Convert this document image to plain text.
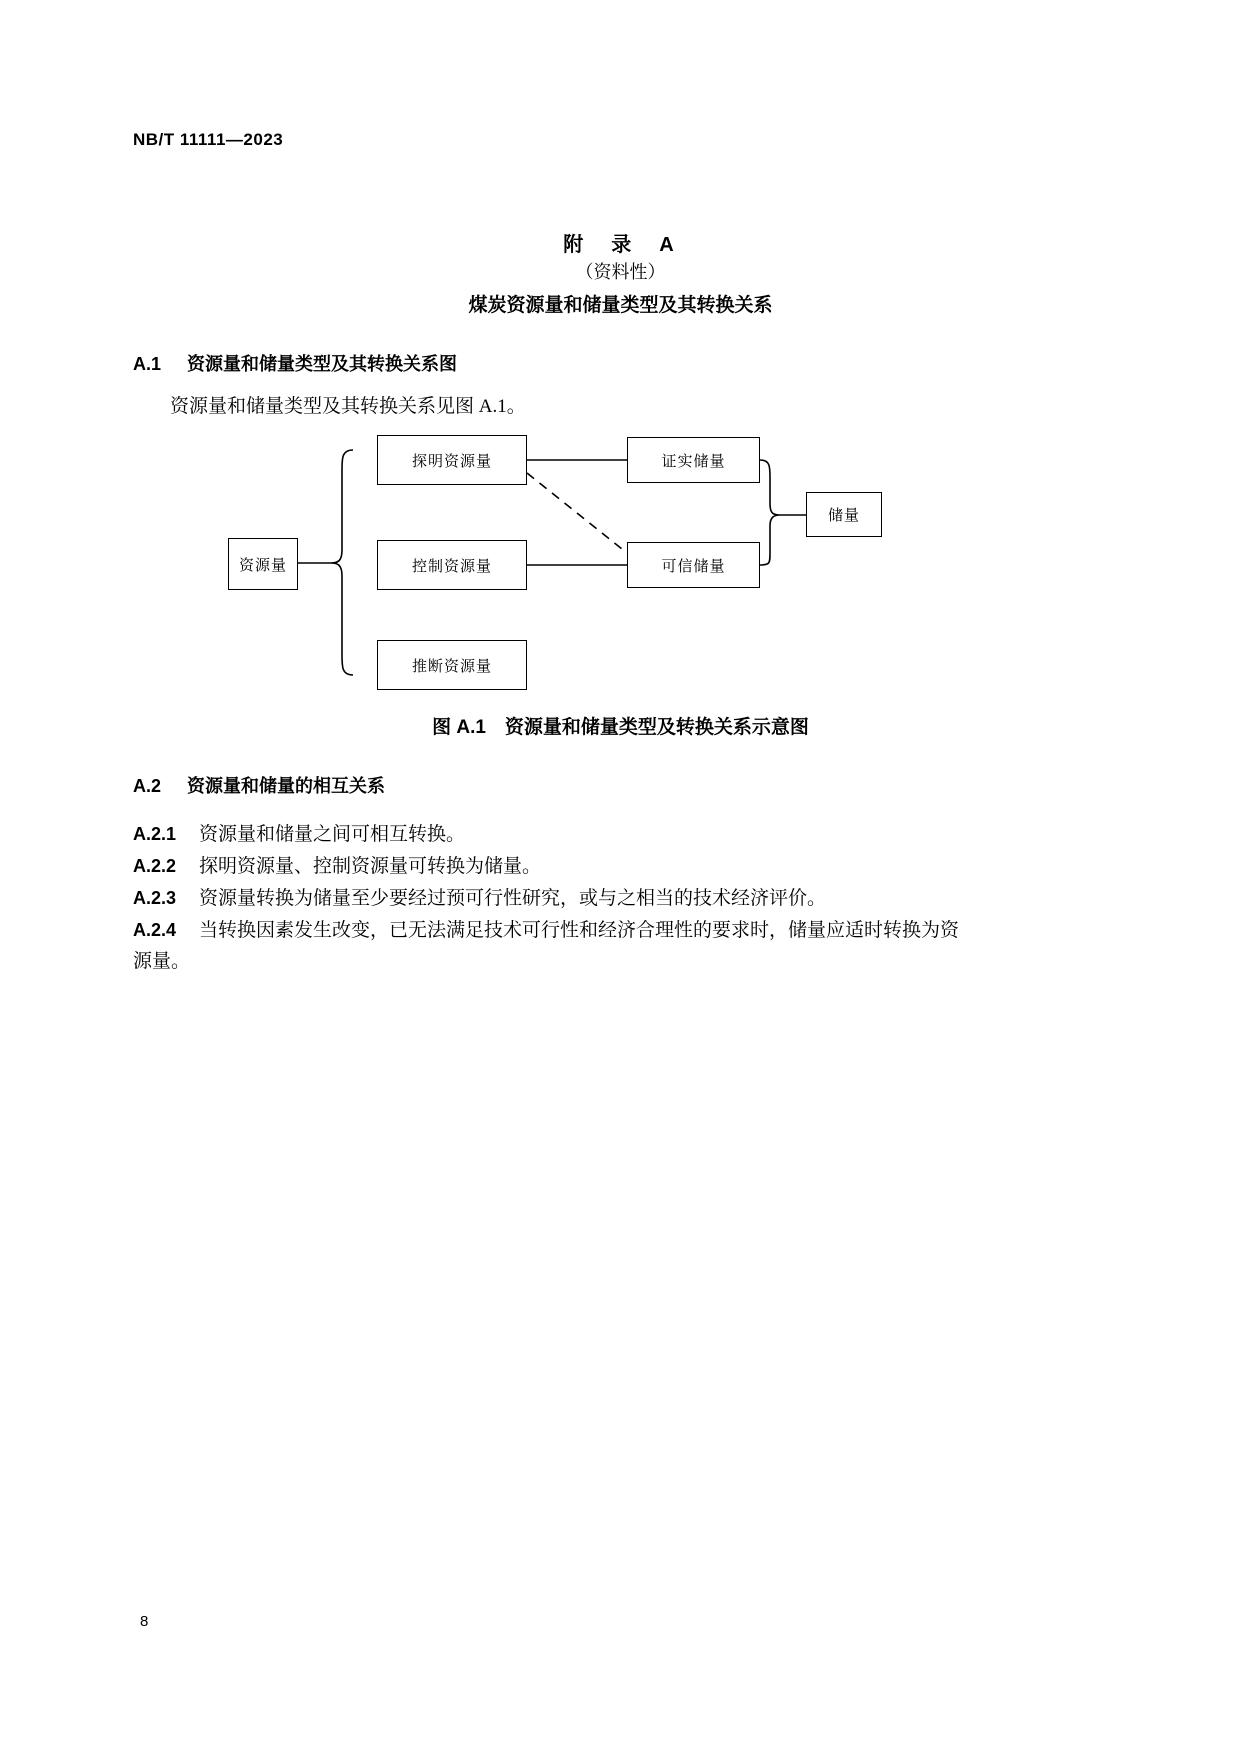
NB/T 11111—2023
附　录　A
（资料性）
煤炭资源量和储量类型及其转换关系
A.1 资源量和储量类型及其转换关系图
资源量和储量类型及其转换关系见图 A.1。
资源量
探明资源量
控制资源量
推断资源量
证实储量
可信储量
储量
图 A.1　资源量和储量类型及转换关系示意图
A.2 资源量和储量的相互关系
A.2.1 资源量和储量之间可相互转换。
A.2.2 探明资源量、控制资源量可转换为储量。
A.2.3 资源量转换为储量至少要经过预可行性研究，或与之相当的技术经济评价。
A.2.4 当转换因素发生改变，已无法满足技术可行性和经济合理性的要求时，储量应适时转换为资
源量。
8
